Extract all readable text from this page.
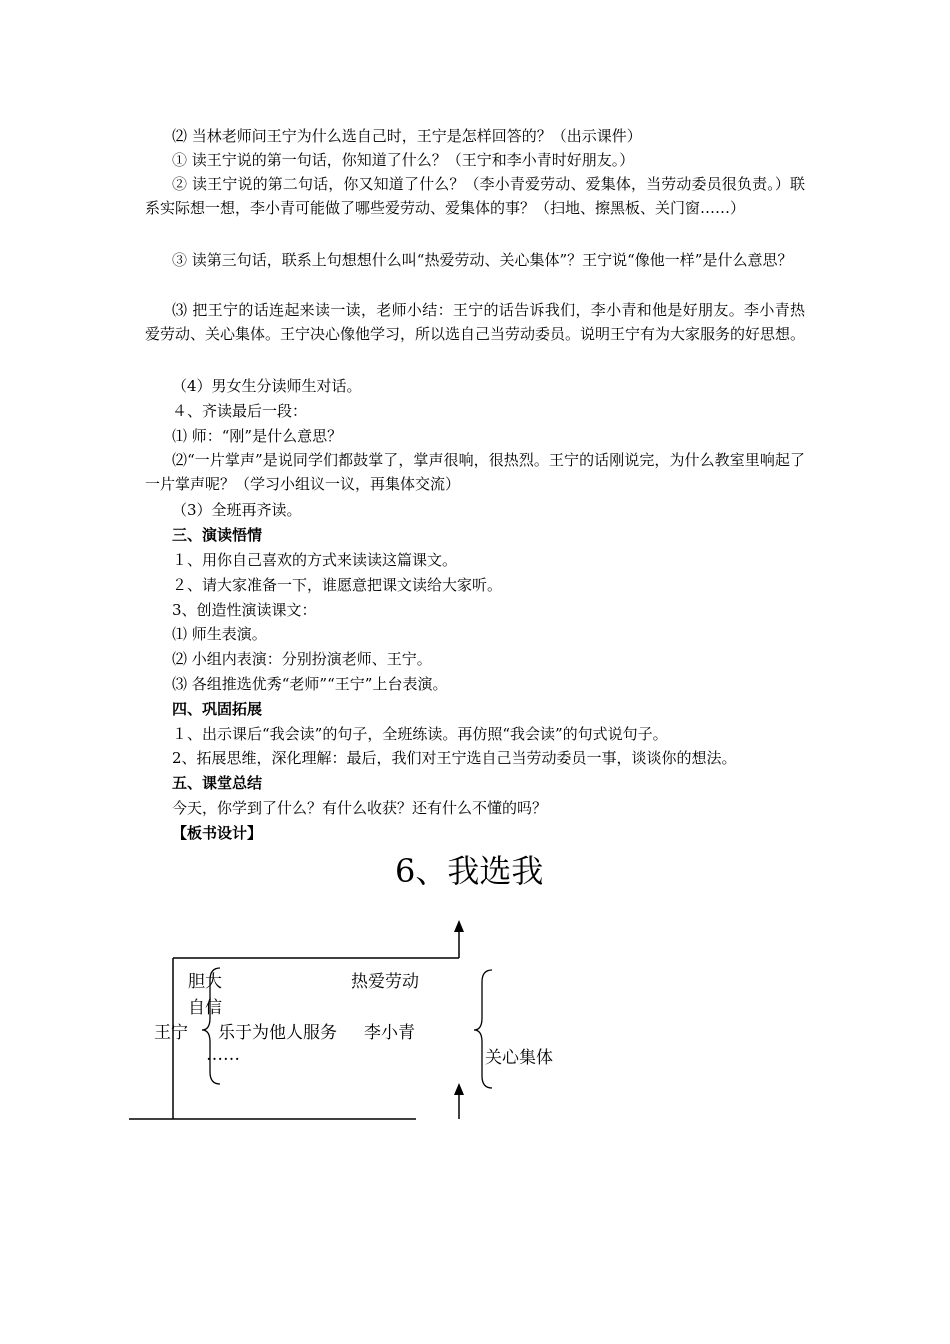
⑵ 当林老师问王宁为什么选自己时，王宁是怎样回答的？（出示课件）
① 读王宁说的第一句话，你知道了什么？（王宁和李小青时好朋友。）
② 读王宁说的第二句话，你又知道了什么？（李小青爱劳动、爱集体，当劳动委员很负责。）联系实际想一想，李小青可能做了哪些爱劳动、爱集体的事？（扫地、擦黑板、关门窗……）
③ 读第三句话，联系上句想想什么叫“热爱劳动、关心集体”？王宁说“像他一样”是什么意思？
⑶ 把王宁的话连起来读一读，老师小结：王宁的话告诉我们，李小青和他是好朋友。李小青热爱劳动、关心集体。王宁决心像他学习，所以选自己当劳动委员。说明王宁有为大家服务的好思想。
（4）男女生分读师生对话。
４、齐读最后一段：
⑴ 师：“刚”是什么意思？
⑵“一片掌声”是说同学们都鼓掌了，掌声很响，很热烈。王宁的话刚说完，为什么教室里响起了一片掌声呢？（学习小组议一议，再集体交流）
（3）全班再齐读。
三、演读悟情
１、用你自己喜欢的方式来读读这篇课文。
２、请大家准备一下，谁愿意把课文读给大家听。
3、创造性演读课文：
⑴ 师生表演。
⑵ 小组内表演：分别扮演老师、王宁。
⑶ 各组推选优秀“老师”“王宁”上台表演。
四、巩固拓展
１、出示课后“我会读”的句子，全班练读。再仿照“我会读”的句式说句子。
2、拓展思维，深化理解：最后，我们对王宁选自己当劳动委员一事，谈谈你的想法。
五、课堂总结
今天，你学到了什么？有什么收获？还有什么不懂的吗？
【板书设计】
6、我选我
胆大
自信
王宁 乐于为他人服务 李小青
……
热爱劳动
关心集体
